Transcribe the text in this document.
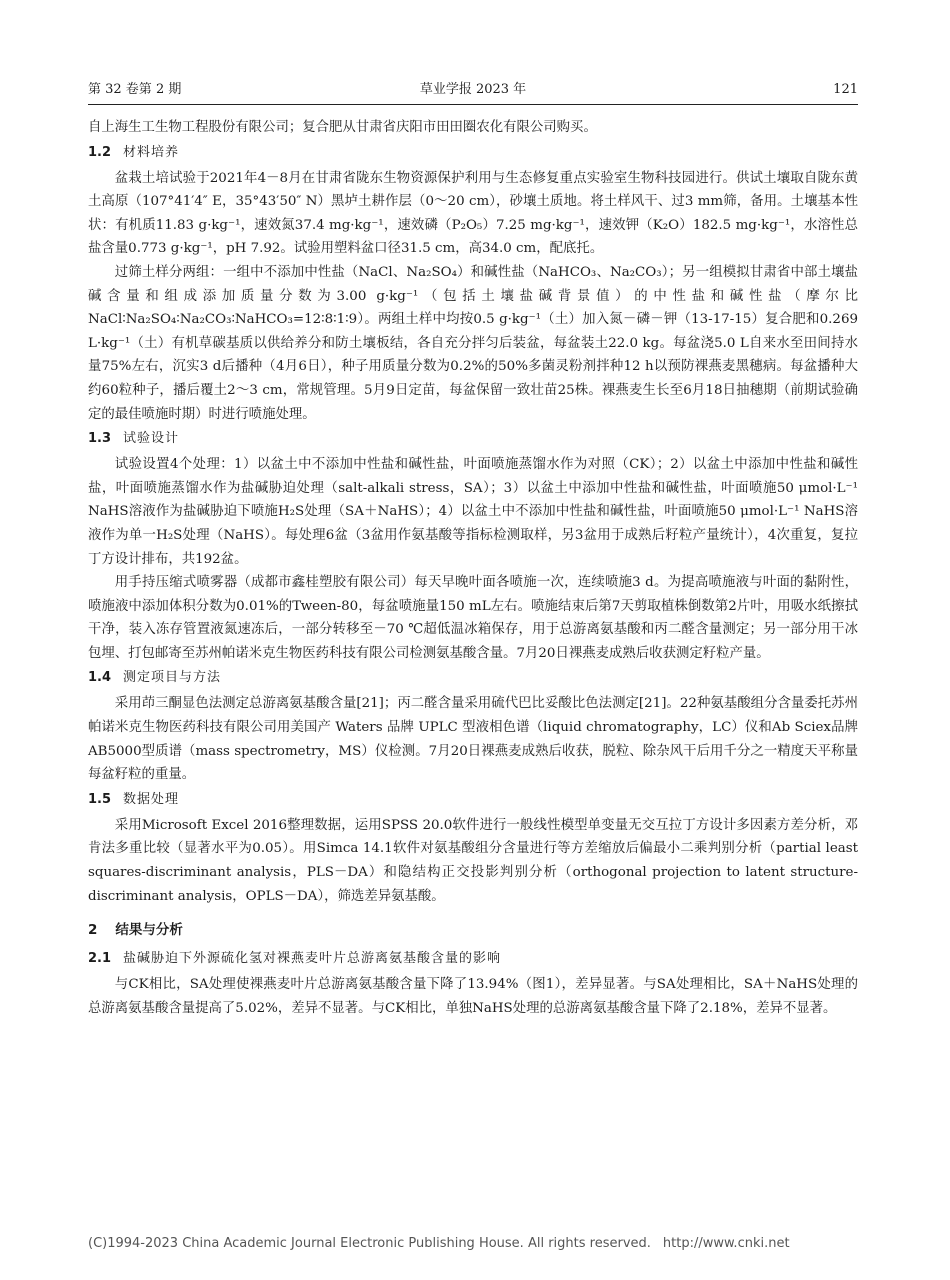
第 32 卷第 2 期	草业学报 2023 年	121

自上海生工生物工程股份有限公司；复合肥从甘肃省庆阳市田田圈农化有限公司购买。

1.2 材料培养

盆栽土培试验于2021年4－8月在甘肃省陇东生物资源保护利用与生态修复重点实验室生物科技园进行。供试土壤取自陇东黄土高原（107°41′4″ E，35°43′50″ N）黑垆土耕作层（0～20 cm），砂壤土质地。将土样风干、过3 mm筛，备用。土壤基本性状：有机质11.83 g·kg⁻¹，速效氮37.4 mg·kg⁻¹，速效磷（P₂O₅）7.25 mg·kg⁻¹，速效钾（K₂O）182.5 mg·kg⁻¹，水溶性总盐含量0.773 g·kg⁻¹，pH 7.92。试验用塑料盆口径31.5 cm，高34.0 cm，配底托。

过筛土样分两组：一组中不添加中性盐（NaCl、Na₂SO₄）和碱性盐（NaHCO₃、Na₂CO₃）；另一组模拟甘肃省中部土壤盐碱含量和组成添加质量分数为3.00 g·kg⁻¹（包括土壤盐碱背景值）的中性盐和碱性盐（摩尔比NaCl∶Na₂SO₄∶Na₂CO₃∶NaHCO₃=12∶8∶1∶9）。两组土样中均按0.5 g·kg⁻¹（土）加入氮－磷－钾（13-17-15）复合肥和0.269 L·kg⁻¹（土）有机草碳基质以供给养分和防土壤板结，各自充分拌匀后装盆，每盆装土22.0 kg。每盆浇5.0 L自来水至田间持水量75%左右，沉实3 d后播种（4月6日），种子用质量分数为0.2%的50%多菌灵粉剂拌种12 h以预防裸燕麦黑穗病。每盆播种大约60粒种子，播后覆土2～3 cm，常规管理。5月9日定苗，每盆保留一致壮苗25株。裸燕麦生长至6月18日抽穗期（前期试验确定的最佳喷施时期）时进行喷施处理。

1.3 试验设计

试验设置4个处理：1）以盆土中不添加中性盐和碱性盐，叶面喷施蒸馏水作为对照（CK）；2）以盆土中添加中性盐和碱性盐，叶面喷施蒸馏水作为盐碱胁迫处理（salt-alkali stress，SA）；3）以盆土中添加中性盐和碱性盐，叶面喷施50 μmol·L⁻¹ NaHS溶液作为盐碱胁迫下喷施H₂S处理（SA＋NaHS）；4）以盆土中不添加中性盐和碱性盐，叶面喷施50 μmol·L⁻¹ NaHS溶液作为单一H₂S处理（NaHS）。每处理6盆（3盆用作氨基酸等指标检测取样，另3盆用于成熟后籽粒产量统计），4次重复，复拉丁方设计排布，共192盆。

用手持压缩式喷雾器（成都市鑫桂塑胶有限公司）每天早晚叶面各喷施一次，连续喷施3 d。为提高喷施液与叶面的黏附性，喷施液中添加体积分数为0.01%的Tween-80，每盆喷施量150 mL左右。喷施结束后第7天剪取植株倒数第2片叶，用吸水纸擦拭干净，装入冻存管置液氮速冻后，一部分转移至－70 ℃超低温冰箱保存，用于总游离氨基酸和丙二醛含量测定；另一部分用干冰包埋、打包邮寄至苏州帕诺米克生物医药科技有限公司检测氨基酸含量。7月20日裸燕麦成熟后收获测定籽粒产量。

1.4 测定项目与方法

采用茚三酮显色法测定总游离氨基酸含量[21]；丙二醛含量采用硫代巴比妥酸比色法测定[21]。22种氨基酸组分含量委托苏州帕诺米克生物医药科技有限公司用美国产 Waters 品牌 UPLC 型液相色谱（liquid chromatography，LC）仪和Ab Sciex品牌AB5000型质谱（mass spectrometry，MS）仪检测。7月20日裸燕麦成熟后收获，脱粒、除杂风干后用千分之一精度天平称量每盆籽粒的重量。

1.5 数据处理

采用Microsoft Excel 2016整理数据，运用SPSS 20.0软件进行一般线性模型单变量无交互拉丁方设计多因素方差分析，邓肯法多重比较（显著水平为0.05）。用Simca 14.1软件对氨基酸组分含量进行等方差缩放后偏最小二乘判别分析（partial least squares-discriminant analysis，PLS－DA）和隐结构正交投影判别分析（orthogonal projection to latent structure-discriminant analysis，OPLS－DA），筛选差异氨基酸。

2 结果与分析
2.1 盐碱胁迫下外源硫化氢对裸燕麦叶片总游离氨基酸含量的影响

与CK相比，SA处理使裸燕麦叶片总游离氨基酸含量下降了13.94%（图1），差异显著。与SA处理相比，SA＋NaHS处理的总游离氨基酸含量提高了5.02%，差异不显著。与CK相比，单独NaHS处理的总游离氨基酸含量下降了2.18%，差异不显著。

(C)1994-2023 China Academic Journal Electronic Publishing House. All rights reserved. http://www.cnki.net
